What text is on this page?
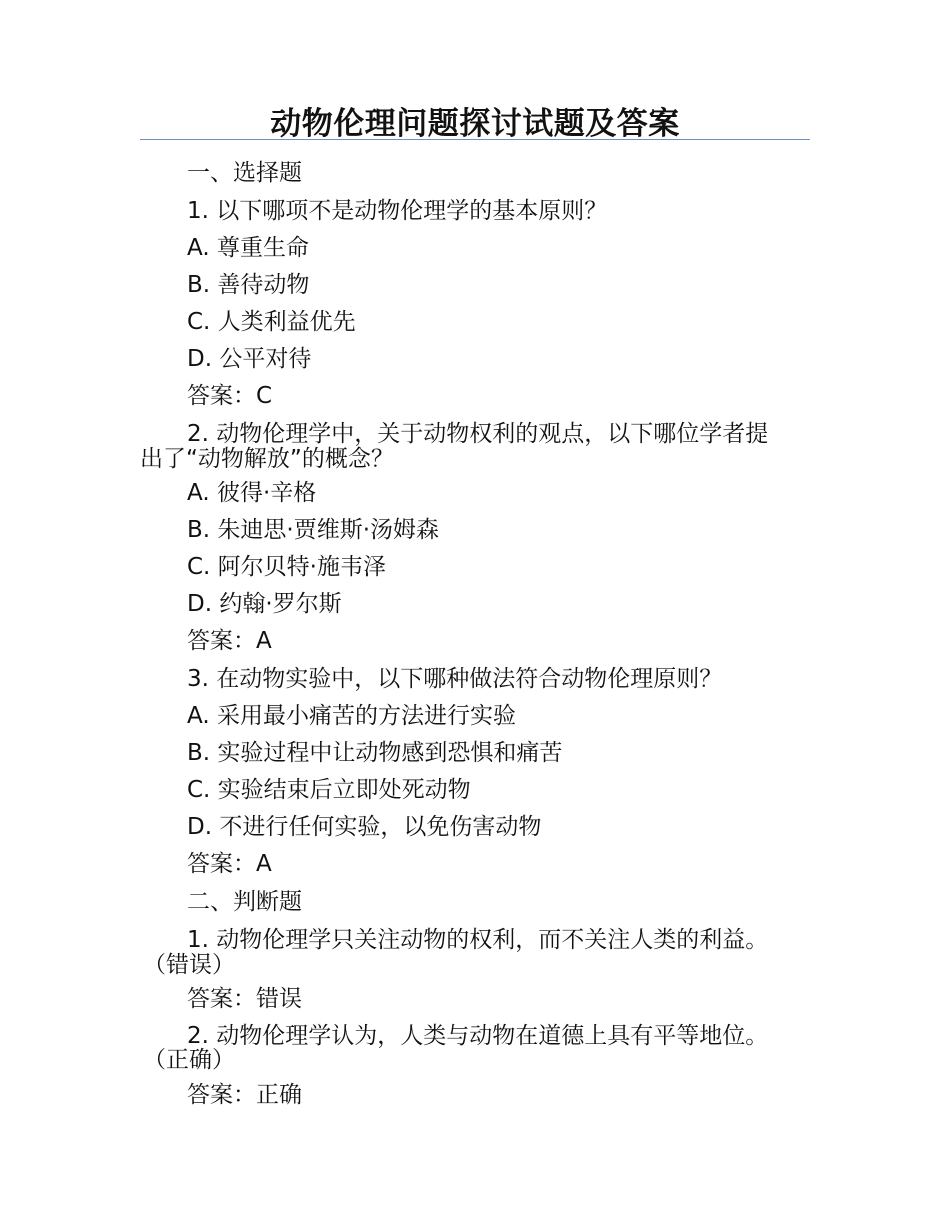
动物伦理问题探讨试题及答案
一、选择题
1. 以下哪项不是动物伦理学的基本原则？
A. 尊重生命
B. 善待动物
C. 人类利益优先
D. 公平对待
答案：C
2. 动物伦理学中，关于动物权利的观点，以下哪位学者提
出了“动物解放”的概念？
A. 彼得·辛格
B. 朱迪思·贾维斯·汤姆森
C. 阿尔贝特·施韦泽
D. 约翰·罗尔斯
答案：A
3. 在动物实验中，以下哪种做法符合动物伦理原则？
A. 采用最小痛苦的方法进行实验
B. 实验过程中让动物感到恐惧和痛苦
C. 实验结束后立即处死动物
D. 不进行任何实验，以免伤害动物
答案：A
二、判断题
1. 动物伦理学只关注动物的权利，而不关注人类的利益。
（错误）
答案：错误
2. 动物伦理学认为，人类与动物在道德上具有平等地位。
（正确）
答案：正确
